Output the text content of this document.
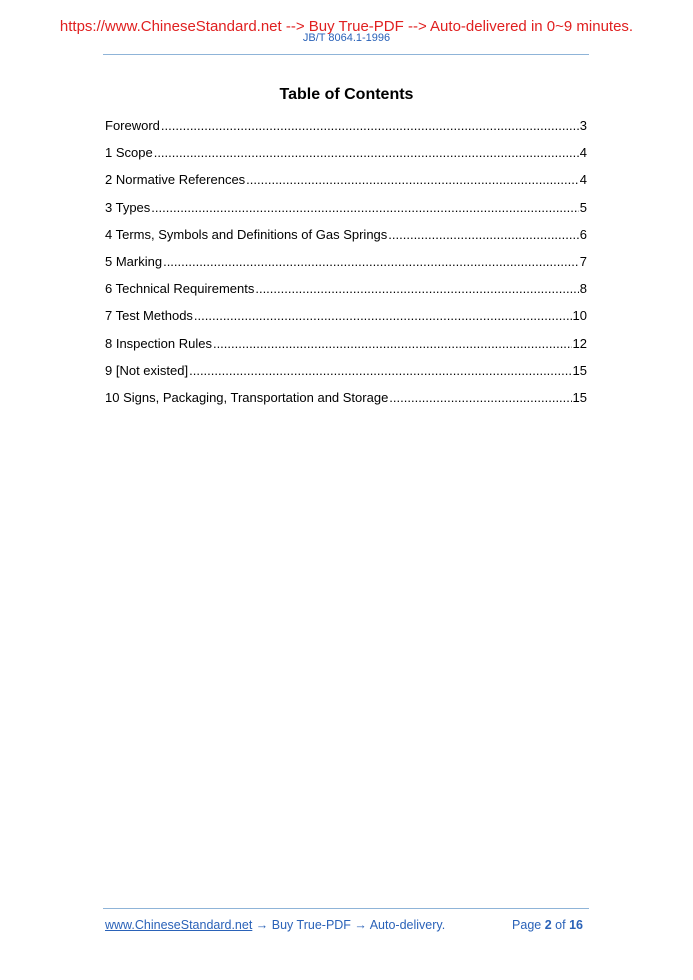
https://www.ChineseStandard.net --> Buy True-PDF --> Auto-delivered in 0~9 minutes.
JB/T 8064.1-1996
Table of Contents
Foreword .....	3
1 Scope .....	4
2 Normative References .....	4
3 Types .....	5
4 Terms, Symbols and Definitions of Gas Springs .....	6
5 Marking .....	7
6 Technical Requirements .....	8
7 Test Methods .....	10
8 Inspection Rules .....	12
9 [Not existed] .....	15
10 Signs, Packaging, Transportation and Storage .....	15
www.ChineseStandard.net → Buy True-PDF → Auto-delivery.	Page 2 of 16
